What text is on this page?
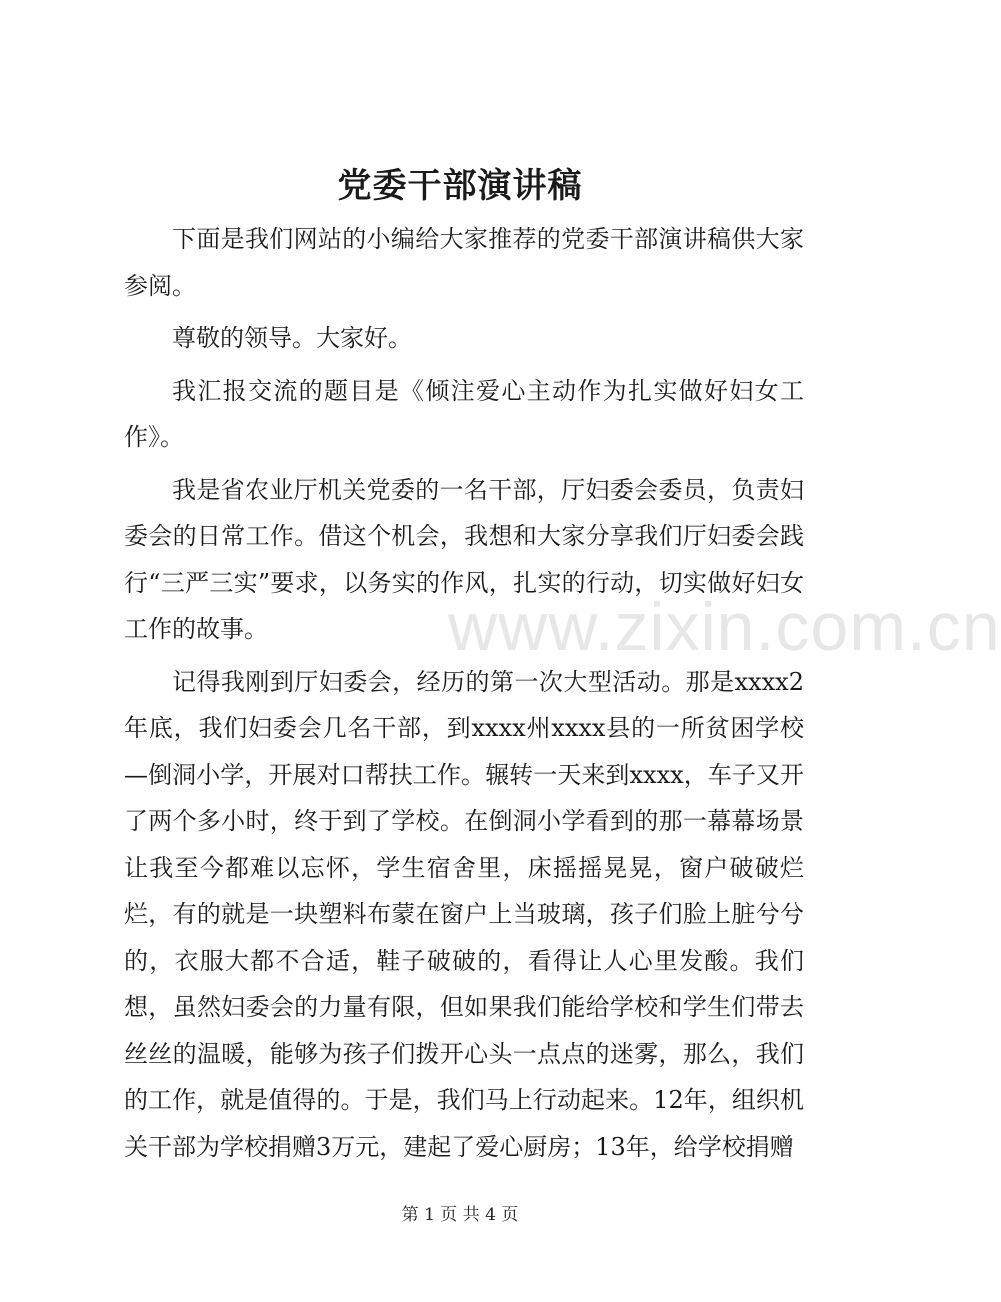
www.zixin.com.cn
党委干部演讲稿

下面是我们网站的小编给大家推荐的党委干部演讲稿供大家参阅。

尊敬的领导。大家好。

我汇报交流的题目是《倾注爱心主动作为扎实做好妇女工作》。

我是省农业厅机关党委的一名干部，厅妇委会委员，负责妇委会的日常工作。借这个机会，我想和大家分享我们厅妇委会践行“三严三实”要求，以务实的作风，扎实的行动，切实做好妇女工作的故事。

记得我刚到厅妇委会，经历的第一次大型活动。那是xxxx2年底，我们妇委会几名干部，到xxxx州xxxx县的一所贫困学校—倒洞小学，开展对口帮扶工作。辗转一天来到xxxx，车子又开了两个多小时，终于到了学校。在倒洞小学看到的那一幕幕场景让我至今都难以忘怀，学生宿舍里，床摇摇晃晃，窗户破破烂烂，有的就是一块塑料布蒙在窗户上当玻璃，孩子们脸上脏兮兮的，衣服大都不合适，鞋子破破的，看得让人心里发酸。我们想，虽然妇委会的力量有限，但如果我们能给学校和学生们带去丝丝的温暖，能够为孩子们拨开心头一点点的迷雾，那么，我们的工作，就是值得的。于是，我们马上行动起来。12年，组织机关干部为学校捐赠3万元，建起了爱心厨房；13年，给学校捐赠

第 1 页 共 4 页
